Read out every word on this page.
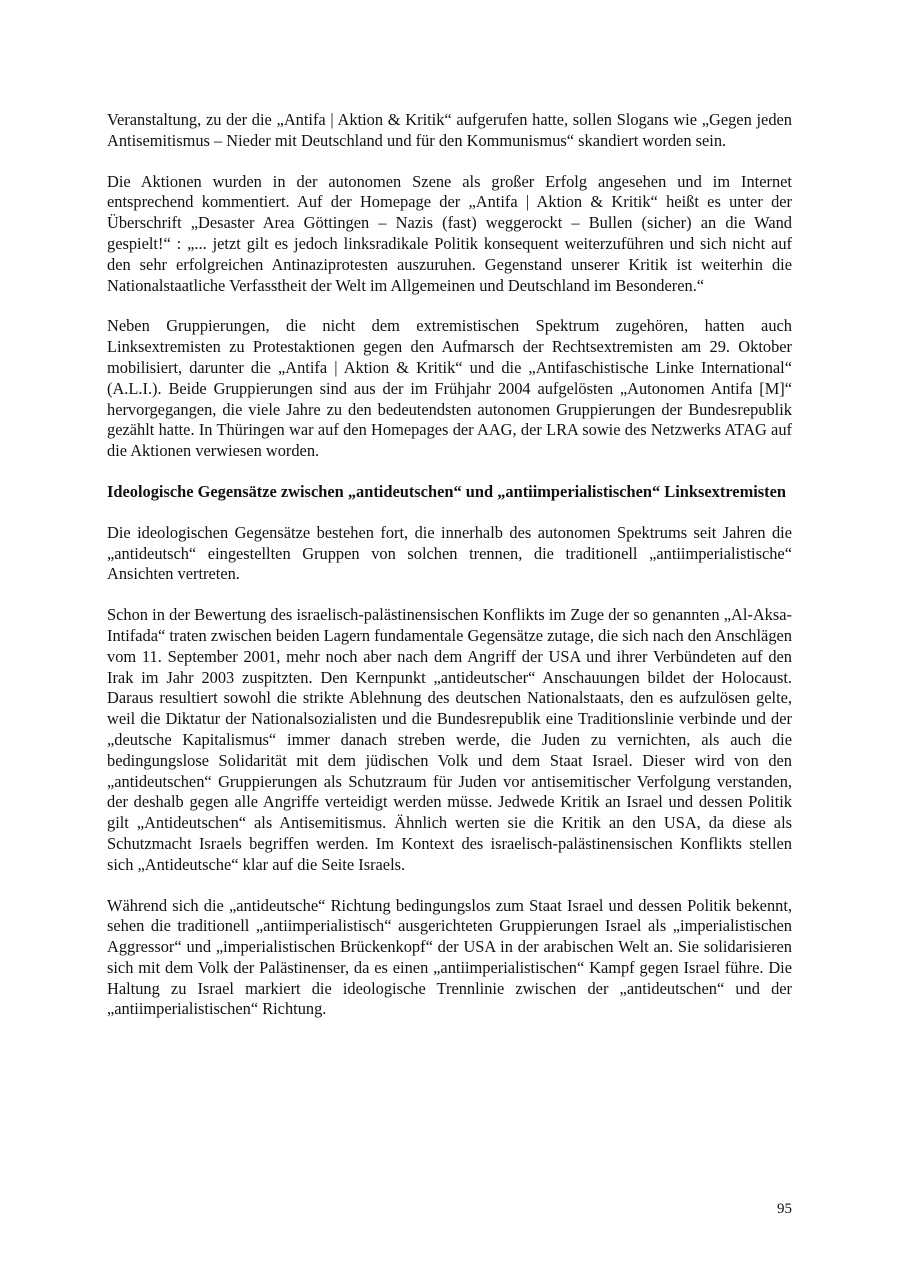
Veranstaltung, zu der die „Antifa | Aktion & Kritik“ aufgerufen hatte, sollen Slogans wie „Gegen jeden Antisemitismus – Nieder mit Deutschland und für den Kommunismus“ skandiert worden sein.

Die Aktionen wurden in der autonomen Szene als großer Erfolg angesehen und im Internet entsprechend kommentiert. Auf der Homepage der „Antifa | Aktion & Kritik“ heißt es unter der Überschrift „Desaster Area Göttingen – Nazis (fast) weggerockt – Bullen (sicher) an die Wand gespielt!“ : „... jetzt gilt es jedoch linksradikale Politik konsequent weiterzuführen und sich nicht auf den sehr erfolgreichen Antinaziprotesten auszuruhen. Gegenstand unserer Kritik ist weiterhin die Nationalstaatliche Verfasstheit der Welt im Allgemeinen und Deutschland im Besonderen.“

Neben Gruppierungen, die nicht dem extremistischen Spektrum zugehören, hatten auch Linksextremisten zu Protestaktionen gegen den Aufmarsch der Rechtsextremisten am 29. Oktober mobilisiert, darunter die „Antifa | Aktion & Kritik“ und die „Antifaschistische Linke International“ (A.L.I.). Beide Gruppierungen sind aus der im Frühjahr 2004 aufgelösten „Autonomen Antifa [M]“ hervorgegangen, die viele Jahre zu den bedeutendsten autonomen Gruppierungen der Bundesrepublik gezählt hatte. In Thüringen war auf den Homepages der AAG, der LRA sowie des Netzwerks ATAG auf die Aktionen verwiesen worden.

Ideologische Gegensätze zwischen „antideutschen“ und „antiimperialistischen“ Linksextremisten

Die ideologischen Gegensätze bestehen fort, die innerhalb des autonomen Spektrums seit Jahren die „antideutsch“ eingestellten Gruppen von solchen trennen, die traditionell „antiimperialistische“ Ansichten vertreten.

Schon in der Bewertung des israelisch-palästinensischen Konflikts im Zuge der so genannten „Al-Aksa-Intifada“ traten zwischen beiden Lagern fundamentale Gegensätze zutage, die sich nach den Anschlägen vom 11. September 2001, mehr noch aber nach dem Angriff der USA und ihrer Verbündeten auf den Irak im Jahr 2003 zuspitzten. Den Kernpunkt „antideutscher“ Anschauungen bildet der Holocaust. Daraus resultiert sowohl die strikte Ablehnung des deutschen Nationalstaats, den es aufzulösen gelte, weil die Diktatur der Nationalsozialisten und die Bundesrepublik eine Traditionslinie verbinde und der „deutsche Kapitalismus“ immer danach streben werde, die Juden zu vernichten, als auch die bedingungslose Solidarität mit dem jüdischen Volk und dem Staat Israel. Dieser wird von den „antideutschen“ Gruppierungen als Schutzraum für Juden vor antisemitischer Verfolgung verstanden, der deshalb gegen alle Angriffe verteidigt werden müsse. Jedwede Kritik an Israel und dessen Politik gilt „Antideutschen“ als Antisemitismus. Ähnlich werten sie die Kritik an den USA, da diese als Schutzmacht Israels begriffen werden. Im Kontext des israelisch-palästinensischen Konflikts stellen sich „Antideutsche“ klar auf die Seite Israels.

Während sich die „antideutsche“ Richtung bedingungslos zum Staat Israel und dessen Politik bekennt, sehen die traditionell „antiimperialistisch“ ausgerichteten Gruppierungen Israel als „imperialistischen Aggressor“ und „imperialistischen Brückenkopf“ der USA in der arabischen Welt an. Sie solidarisieren sich mit dem Volk der Palästinenser, da es einen „antiimperialistischen“ Kampf gegen Israel führe. Die Haltung zu Israel markiert die ideologische Trennlinie zwischen der „antideutschen“ und der „antiimperialistischen“ Richtung.

95
